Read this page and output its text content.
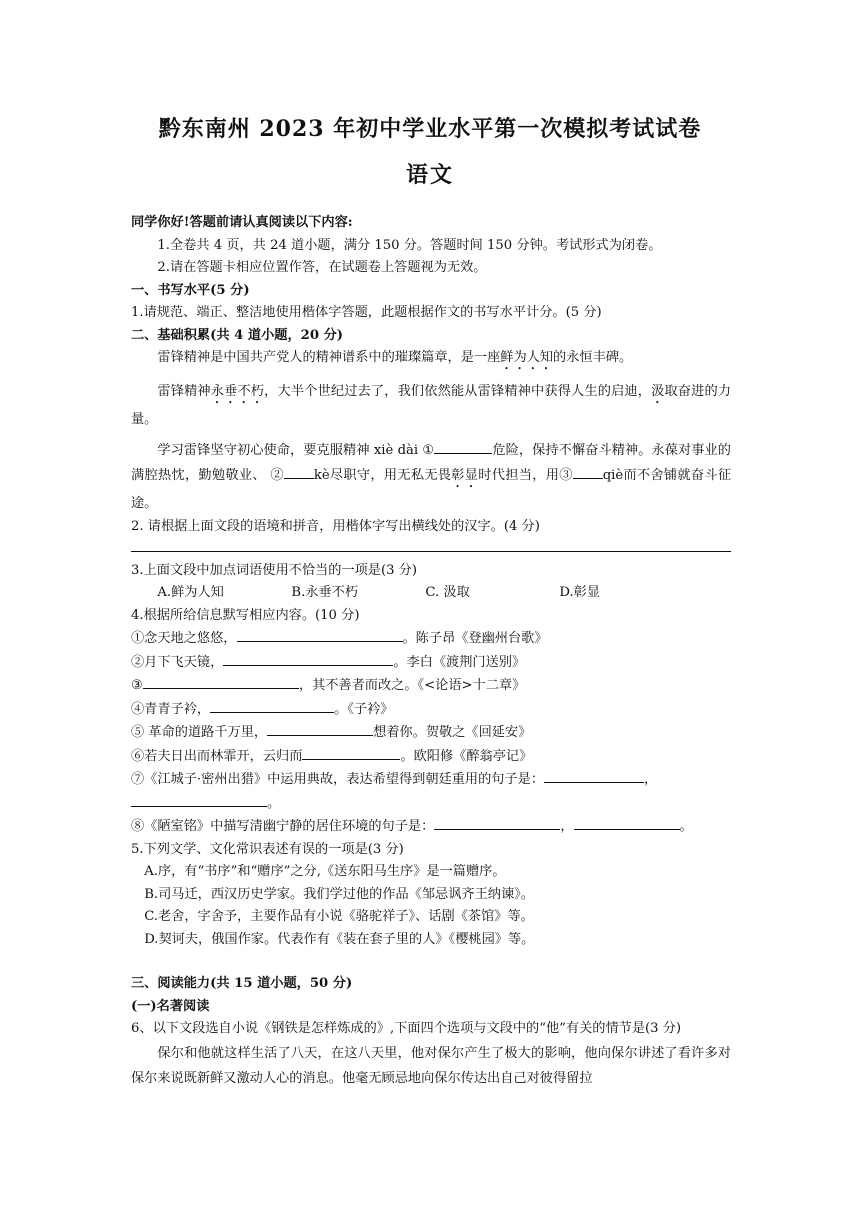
黔东南州 2023 年初中学业水平第一次模拟考试试卷
语文

同学你好!答题前请认真阅读以下内容:

1.全卷共 4 页，共 24 道小题，满分 150 分。答题时间 150 分钟。考试形式为闭卷。

2.请在答题卡相应位置作答，在试题卷上答题视为无效。

一、书写水平(5 分)

1.请规范、端正、整洁地使用楷体字答题，此题根据作文的书写水平计分。(5 分)

二、基础积累(共 4 道小题，20 分)

雷锋精神是中国共产党人的精神谱系中的璀璨篇章，是一座鲜为人知的永恒丰碑。

雷锋精神永垂不朽，大半个世纪过去了，我们依然能从雷锋精神中获得人生的启迪，汲取奋进的力量。

学习雷锋坚守初心使命，要克服精神 xiè dài ①	危险，保持不懈奋斗精神。永葆对事业的满腔热忱，勤勉敬业、 ② kè尽职守，用无私无畏彰显时代担当，用③ qiè而不舍铺就奋斗征途。

2. 请根据上面文段的语境和拼音，用楷体字写出横线处的汉字。(4 分)

3.上面文段中加点词语使用不恰当的一项是(3 分)

A.鲜为人知	B.永垂不朽	C. 汲取	D.彰显

4.根据所给信息默写相应内容。(10 分)

①念天地之悠悠，	。陈子昂《登幽州台歌》

②月下飞天镜，	。李白《渡荆门送别》

③	，其不善者而改之。《<论语>十二章》

④青青子衿，	。《子衿》

⑤ 革命的道路千万里，	想着你。贺敬之《回延安》

⑥若夫日出而林霏开，云归而	。欧阳修《醉翁亭记》

⑦《江城子·密州出猎》中运用典故，表达希望得到朝廷重用的句子是：	，
。

⑧《陋室铭》中描写清幽宁静的居住环境的句子是：	，	。

5.下列文学、文化常识表述有误的一项是(3 分)

A.序，有“书序”和“赠序”之分,《送东阳马生序》是一篇赠序。

B.司马迁，西汉历史学家。我们学过他的作品《邹忌讽齐王纳谏》。

C.老舍，字舍予，主要作品有小说《骆驼祥子》、话剧《茶馆》等。

D.契诃夫，俄国作家。代表作有《装在套子里的人》《樱桃园》等。

三、阅读能力(共 15 道小题，50 分)

(一)名著阅读

6、以下文段选自小说《钢铁是怎样炼成的》,下面四个选项与文段中的“他”有关的情节是(3 分)

保尔和他就这样生活了八天，在这八天里，他对保尔产生了极大的影响，他向保尔讲述了看许多对保尔来说既新鲜又激动人心的消息。他毫无顾忌地向保尔传达出自己对彼得留拉
